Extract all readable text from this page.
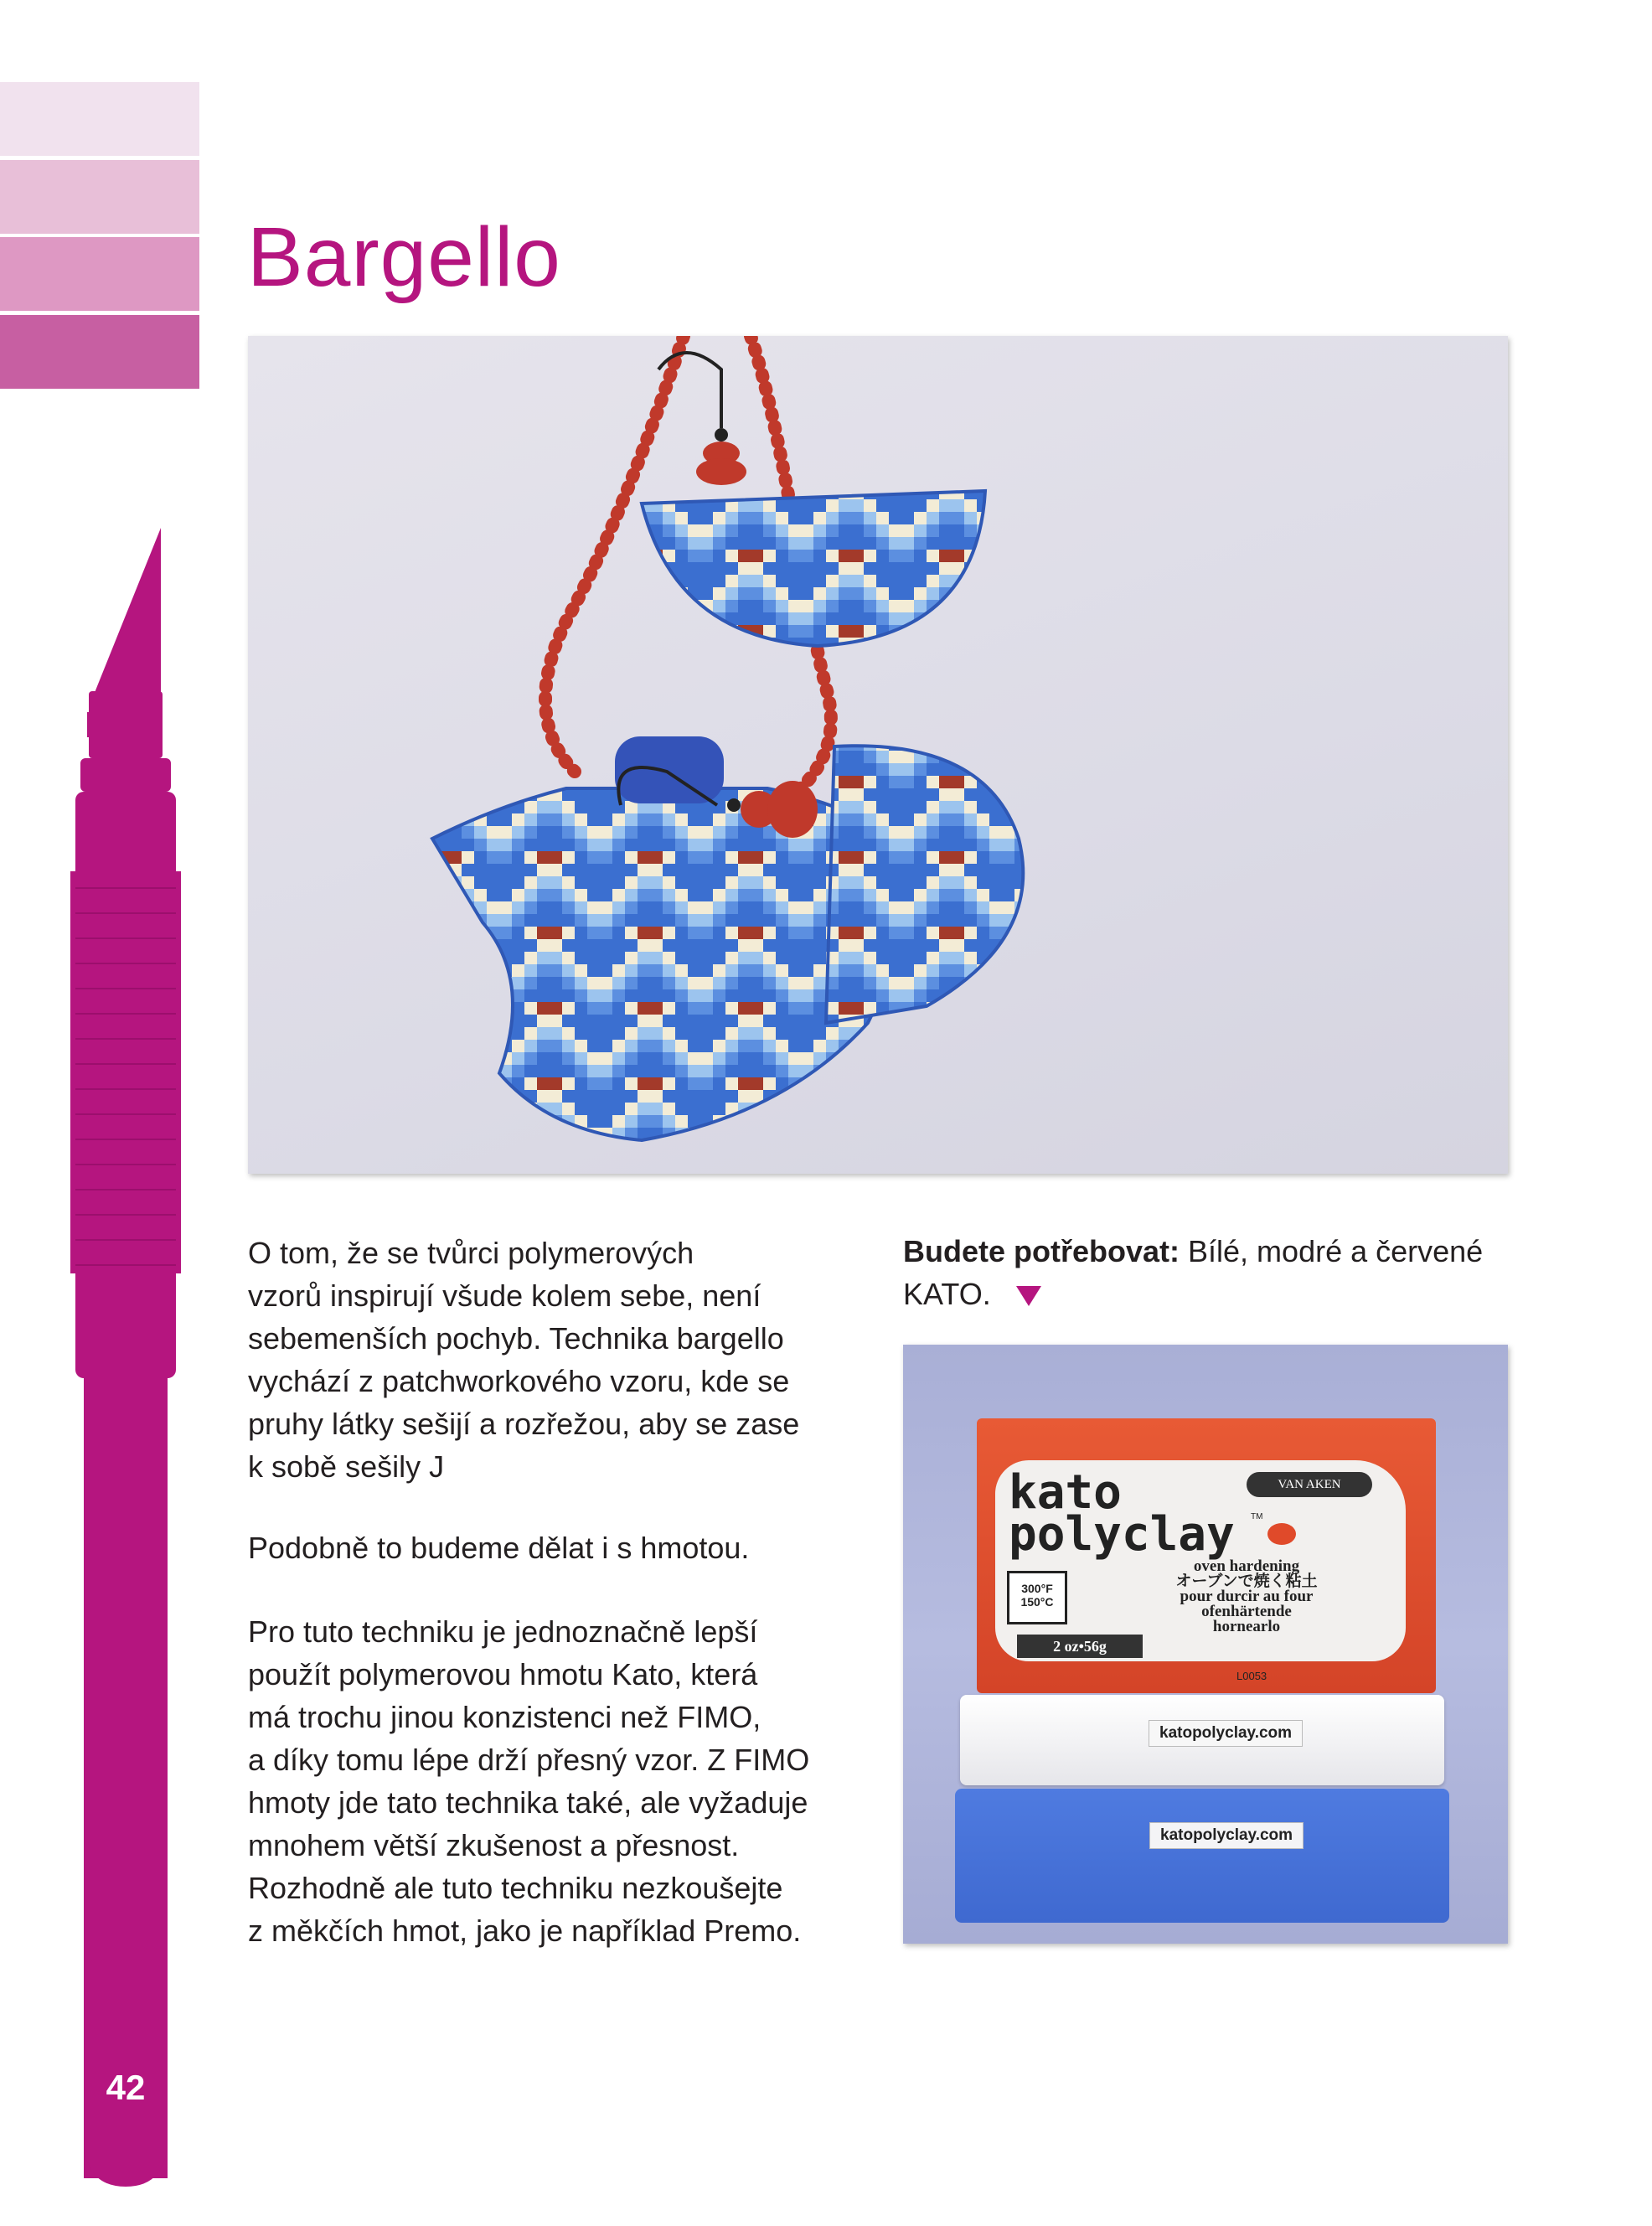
42
Bargello

O tom, že se tvůrci polymerových

vzorů inspirují všude kolem sebe, není

sebemenších pochyb. Technika bargello

vychází z patchworkového vzoru, kde se

pruhy látky sešijí a rozřežou, aby se zase

k sobě sešily J

Podobně to budeme dělat i s hmotou.

Pro tuto techniku je jednoznačně lepší

použít polymerovou hmotu Kato, která

má trochu jinou konzistenci než FIMO,

a díky tomu lépe drží přesný vzor. Z FIMO

hmoty jde tato technika také, ale vyžaduje

mnohem větší zkušenost a přesnost.

Rozhodně ale tuto techniku nezkoušejte

z měkčích hmot, jako je například Premo.

Budete potřebovat: Bílé, modré a červené
KATO.
kato
polyclay TM
VAN AKEN
300°F
150°C
oven hardening
オーブンで焼く粘土
pour durcir au four
ofenhärtende
hornearlo
2 oz•56g
L0053
katopolyclay.com
katopolyclay.com
